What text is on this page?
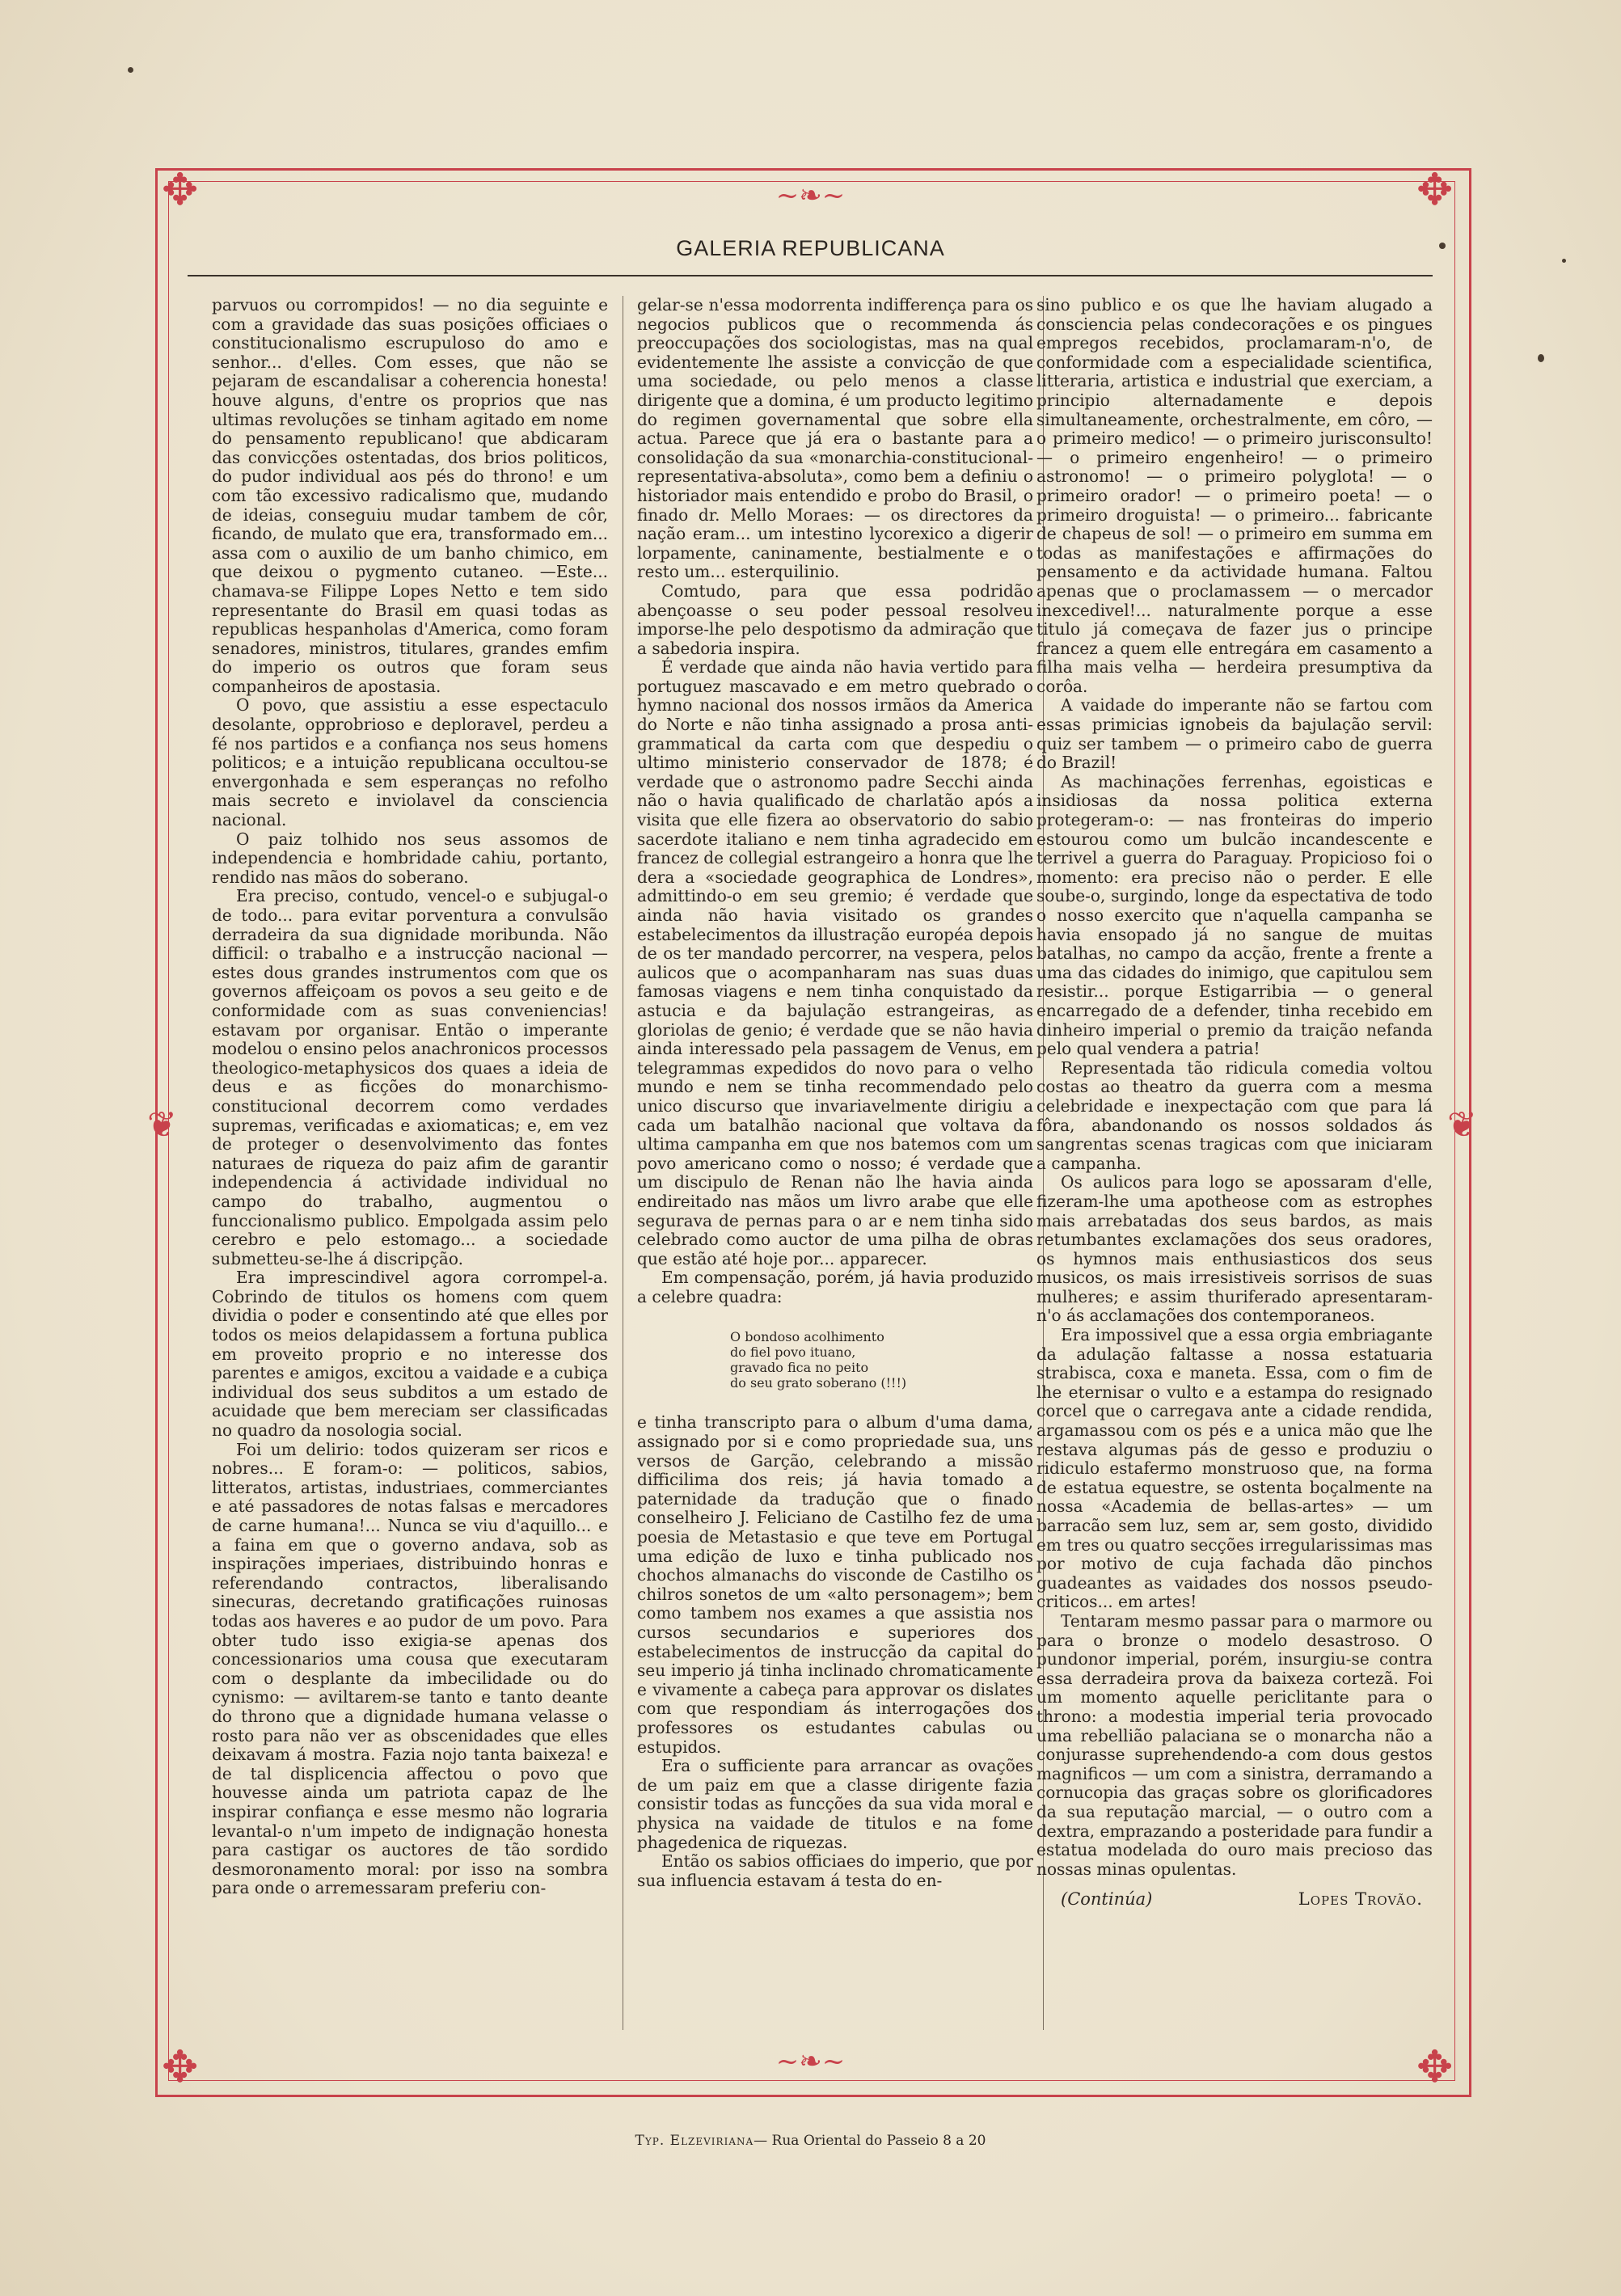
✥	✥
✥	✥
❦	❦
~❧~
GALERIA REPUBLICANA

parvuos ou corrompidos! — no dia seguinte e com a gravidade das suas posições officiaes o constitucionalismo escrupuloso do amo e senhor... d'elles. Com esses, que não se pejaram de escandalisar a coherencia honesta! houve alguns, d'entre os proprios que nas ultimas revoluções se tinham agitado em nome do pensamento republicano! que abdicaram das convicções ostentadas, dos brios politicos, do pudor individual aos pés do throno! e um com tão excessivo radicalismo que, mudando de ideias, conseguiu mudar tambem de côr, ficando, de mulato que era, transformado em... assa com o auxilio de um banho chimico, em que deixou o pygmento cutaneo. —Este... chamava-se Filippe Lopes Netto e tem sido representante do Brasil em quasi todas as republicas hespanholas d'America, como foram senadores, ministros, titulares, grandes emfim do imperio os outros que foram seus companheiros de apostasia.

O povo, que assistiu a esse espectaculo desolante, opprobrioso e deploravel, perdeu a fé nos partidos e a confiança nos seus homens politicos; e a intuição republicana occultou-se envergonhada e sem esperanças no refolho mais secreto e inviolavel da consciencia nacional.

O paiz tolhido nos seus assomos de independencia e hombridade cahiu, portanto, rendido nas mãos do soberano.

Era preciso, contudo, vencel-o e subjugal-o de todo... para evitar porventura a convulsão derradeira da sua dignidade moribunda. Não difficil: o trabalho e a instrucção nacional — estes dous grandes instrumentos com que os governos affeiçoam os povos a seu geito e de conformidade com as suas conveniencias! estavam por organisar. Então o imperante modelou o ensino pelos anachronicos processos theologico-metaphysicos dos quaes a ideia de deus e as ficções do monarchismo-constitucional decorrem como verdades supremas, verificadas e axiomaticas; e, em vez de proteger o desenvolvimento das fontes naturaes de riqueza do paiz afim de garantir independencia á actividade individual no campo do trabalho, augmentou o funccionalismo publico. Empolgada assim pelo cerebro e pelo estomago... a sociedade submetteu-se-lhe á discripção.

Era imprescindivel agora corrompel-a. Cobrindo de titulos os homens com quem dividia o poder e consentindo até que elles por todos os meios delapidassem a fortuna publica em proveito proprio e no interesse dos parentes e amigos, excitou a vaidade e a cubiça individual dos seus subditos a um estado de acuidade que bem mereciam ser classificadas no quadro da nosologia social.

Foi um delirio: todos quizeram ser ricos e nobres... E foram-o: — politicos, sabios, litteratos, artistas, industriaes, commerciantes e até passadores de notas falsas e mercadores de carne humana!... Nunca se viu d'aquillo... e a faina em que o governo andava, sob as inspirações imperiaes, distribuindo honras e referendando contractos, liberalisando sinecuras, decretando gratificações ruinosas todas aos haveres e ao pudor de um povo. Para obter tudo isso exigia-se apenas dos concessionarios uma cousa que executaram com o desplante da imbecilidade ou do cynismo: — aviltarem-se tanto e tanto deante do throno que a dignidade humana velasse o rosto para não ver as obscenidades que elles deixavam á mostra. Fazia nojo tanta baixeza! e de tal displicencia affectou o povo que houvesse ainda um patriota capaz de lhe inspirar confiança e esse mesmo não lograria levantal-o n'um impeto de indignação honesta para castigar os auctores de tão sordido desmoronamento moral: por isso na sombra para onde o arremessaram preferiu con-

gelar-se n'essa modorrenta indifferença para os negocios publicos que o recommenda ás preoccupações dos sociologistas, mas na qual evidentemente lhe assiste a convicção de que uma sociedade, ou pelo menos a classe dirigente que a domina, é um producto legitimo do regimen governamental que sobre ella actua. Parece que já era o bastante para a consolidação da sua «monarchia-constitucional-representativa-absoluta», como bem a definiu o historiador mais entendido e probo do Brasil, o finado dr. Mello Moraes: — os directores da nação eram... um intestino lycorexico a digerir lorpamente, caninamente, bestialmente e o resto um... esterquilinio.

Comtudo, para que essa podridão abençoasse o seu poder pessoal resolveu imporse-lhe pelo despotismo da admiração que a sabedoria inspira.

É verdade que ainda não havia vertido para portuguez mascavado e em metro quebrado o hymno nacional dos nossos irmãos da America do Norte e não tinha assignado a prosa anti-grammatical da carta com que despediu o ultimo ministerio conservador de 1878; é verdade que o astronomo padre Secchi ainda não o havia qualificado de charlatão após a visita que elle fizera ao observatorio do sabio sacerdote italiano e nem tinha agradecido em francez de collegial estrangeiro a honra que lhe dera a «sociedade geographica de Londres», admittindo-o em seu gremio; é verdade que ainda não havia visitado os grandes estabelecimentos da illustração européa depois de os ter mandado percorrer, na vespera, pelos aulicos que o acompanharam nas suas duas famosas viagens e nem tinha conquistado da astucia e da bajulação estrangeiras, as gloriolas de genio; é verdade que se não havia ainda interessado pela passagem de Venus, em telegrammas expedidos do novo para o velho mundo e nem se tinha recommendado pelo unico discurso que invariavelmente dirigiu a cada um batalhão nacional que voltava da ultima campanha em que nos batemos com um povo americano como o nosso; é verdade que um discipulo de Renan não lhe havia ainda endireitado nas mãos um livro arabe que elle segurava de pernas para o ar e nem tinha sido celebrado como auctor de uma pilha de obras que estão até hoje por... apparecer.

Em compensação, porém, já havia produzido a celebre quadra:

O bondoso acolhimento
do fiel povo ituano,
gravado fica no peito
do seu grato soberano (!!!)

e tinha transcripto para o album d'uma dama, assignado por si e como propriedade sua, uns versos de Garção, celebrando a missão difficilima dos reis; já havia tomado a paternidade da tradução que o finado conselheiro J. Feliciano de Castilho fez de uma poesia de Metastasio e que teve em Portugal uma edição de luxo e tinha publicado nos chochos almanachs do visconde de Castilho os chilros sonetos de um «alto personagem»; bem como tambem nos exames a que assistia nos cursos secundarios e superiores dos estabelecimentos de instrucção da capital do seu imperio já tinha inclinado chromaticamente e vivamente a cabeça para approvar os dislates com que respondiam ás interrogações dos professores os estudantes cabulas ou estupidos.

Era o sufficiente para arrancar as ovações de um paiz em que a classe dirigente fazia consistir todas as funcções da sua vida moral e physica na vaidade de titulos e na fome phagedenica de riquezas.

Então os sabios officiaes do imperio, que por sua influencia estavam á testa do en-

sino publico e os que lhe haviam alugado a consciencia pelas condecorações e os pingues empregos recebidos, proclamaram-n'o, de conformidade com a especialidade scientifica, litteraria, artistica e industrial que exerciam, a principio alternadamente e depois simultaneamente, orchestralmente, em côro, — o primeiro medico! — o primeiro jurisconsulto! — o primeiro engenheiro! — o primeiro astronomo! — o primeiro polyglota! — o primeiro orador! — o primeiro poeta! — o primeiro droguista! — o primeiro... fabricante de chapeus de sol! — o primeiro em summa em todas as manifestações e affirmações do pensamento e da actividade humana. Faltou apenas que o proclamassem — o mercador inexcedivel!... naturalmente porque a esse titulo já começava de fazer jus o principe francez a quem elle entregára em casamento a filha mais velha — herdeira presumptiva da corôa.

A vaidade do imperante não se fartou com essas primicias ignobeis da bajulação servil: quiz ser tambem — o primeiro cabo de guerra do Brazil!

As machinações ferrenhas, egoisticas e insidiosas da nossa politica externa protegeram-o: — nas fronteiras do imperio estourou como um bulcão incandescente e terrivel a guerra do Paraguay. Propicioso foi o momento: era preciso não o perder. E elle soube-o, surgindo, longe da espectativa de todo o nosso exercito que n'aquella campanha se havia ensopado já no sangue de muitas batalhas, no campo da acção, frente a frente a uma das cidades do inimigo, que capitulou sem resistir... porque Estigarribia — o general encarregado de a defender, tinha recebido em dinheiro imperial o premio da traição nefanda pelo qual vendera a patria!

Representada tão ridicula comedia voltou costas ao theatro da guerra com a mesma celebridade e inexpectação com que para lá fôra, abandonando os nossos soldados ás sangrentas scenas tragicas com que iniciaram a campanha.

Os aulicos para logo se apossaram d'elle, fizeram-lhe uma apotheose com as estrophes mais arrebatadas dos seus bardos, as mais retumbantes exclamações dos seus oradores, os hymnos mais enthusiasticos dos seus musicos, os mais irresistiveis sorrisos de suas mulheres; e assim thuriferado apresentaram-n'o ás acclamações dos contemporaneos.

Era impossivel que a essa orgia embriagante da adulação faltasse a nossa estatuaria strabisca, coxa e maneta. Essa, com o fim de lhe eternisar o vulto e a estampa do resignado corcel que o carregava ante a cidade rendida, argamassou com os pés e a unica mão que lhe restava algumas pás de gesso e produziu o ridiculo estafermo monstruoso que, na forma de estatua equestre, se ostenta boçalmente na nossa «Academia de bellas-artes» — um barracão sem luz, sem ar, sem gosto, dividido em tres ou quatro secções irregularissimas mas por motivo de cuja fachada dão pinchos guadeantes as vaidades dos nossos pseudo-criticos... em artes!

Tentaram mesmo passar para o marmore ou para o bronze o modelo desastroso. O pundonor imperial, porém, insurgiu-se contra essa derradeira prova da baixeza cortezã. Foi um momento aquelle periclitante para o throno: a modestia imperial teria provocado uma rebellião palaciana se o monarcha não a conjurasse suprehendendo-a com dous gestos magnificos — um com a sinistra, derramando a cornucopia das graças sobre os glorificadores da sua reputação marcial, — o outro com a dextra, emprazando a posteridade para fundir a estatua modelada do ouro mais precioso das nossas minas opulentas.

(Continúa)	Lopes Trovão.
~❧~
Typ. Elzeviriana— Rua Oriental do Passeio 8 a 20
